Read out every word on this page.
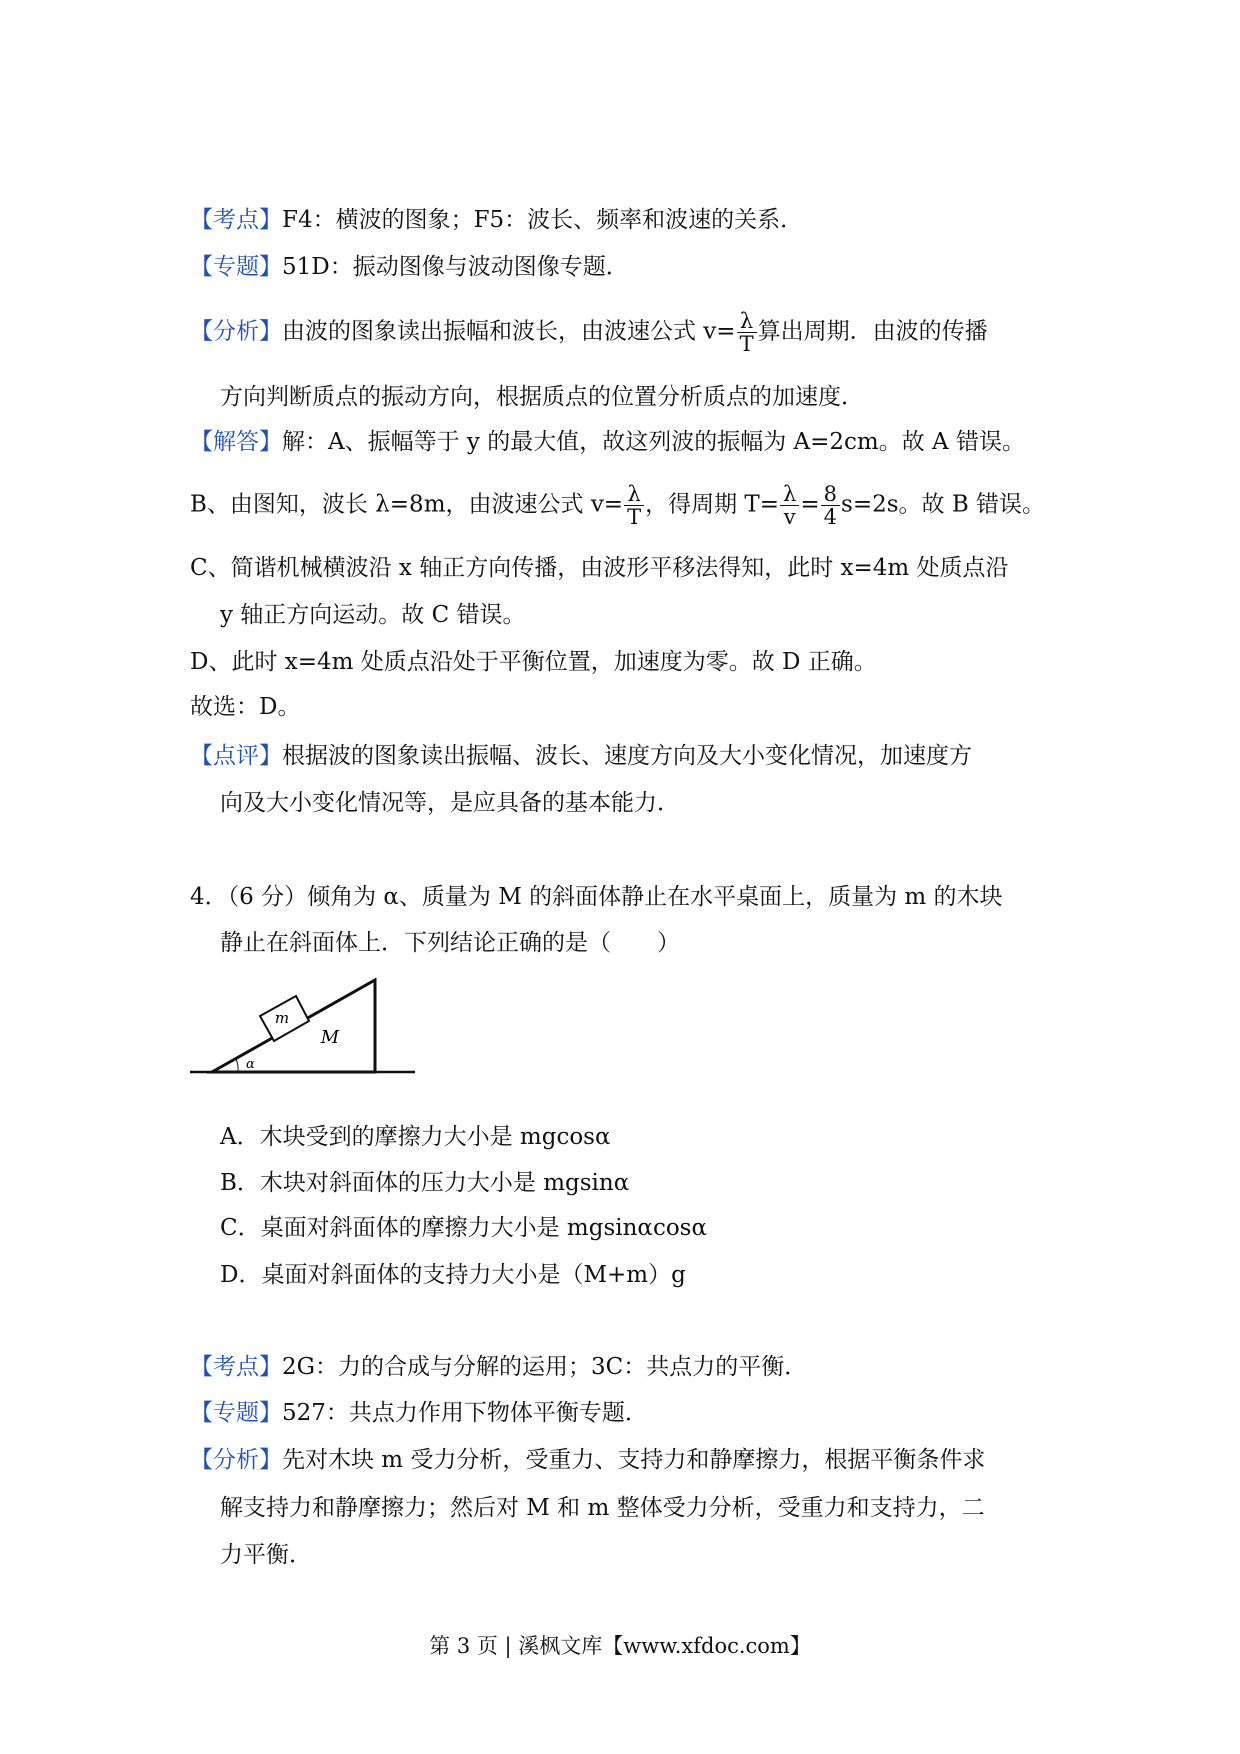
【考点】F4：横波的图象；F5：波长、频率和波速的关系．
【专题】51D：振动图像与波动图像专题．
【分析】由波的图象读出振幅和波长，由波速公式 $v= \frac{\lambda}{T}$ 算出周期．由波的传播
方向判断质点的振动方向，根据质点的位置分析质点的加速度．
【解答】解：A、振幅等于 y 的最大值，故这列波的振幅为 A=2cm。故 A 错误。
B、由图知，波长 λ=8m，由波速公式 $v= \frac{\lambda}{T}$ ，得周期 $T= \frac{\lambda}{v} = \frac{8}{4} s=2s$。故 B 错误。
C、简谐机械横波沿 x 轴正方向传播，由波形平移法得知，此时 x=4m 处质点沿
y 轴正方向运动。故 C 错误。
D、此时 x=4m 处质点沿处于平衡位置，加速度为零。故 D 正确。
故选：D。
【点评】根据波的图象读出振幅、波长、速度方向及大小变化情况，加速度方
向及大小变化情况等，是应具备的基本能力．
4．（6 分）倾角为 α、质量为 M 的斜面体静止在水平桌面上，质量为 m 的木块
静止在斜面体上．下列结论正确的是（　　）
m
M
α
A．木块受到的摩擦力大小是 mgcosα
B．木块对斜面体的压力大小是 mgsinα
C．桌面对斜面体的摩擦力大小是 mgsinαcosα
D．桌面对斜面体的支持力大小是（M+m）g
【考点】2G：力的合成与分解的运用；3C：共点力的平衡．
【专题】527：共点力作用下物体平衡专题．
【分析】先对木块 m 受力分析，受重力、支持力和静摩擦力，根据平衡条件求
解支持力和静摩擦力；然后对 M 和 m 整体受力分析，受重力和支持力，二
力平衡．
第 3 页 | 溪枫文库【www.xfdoc.com】
